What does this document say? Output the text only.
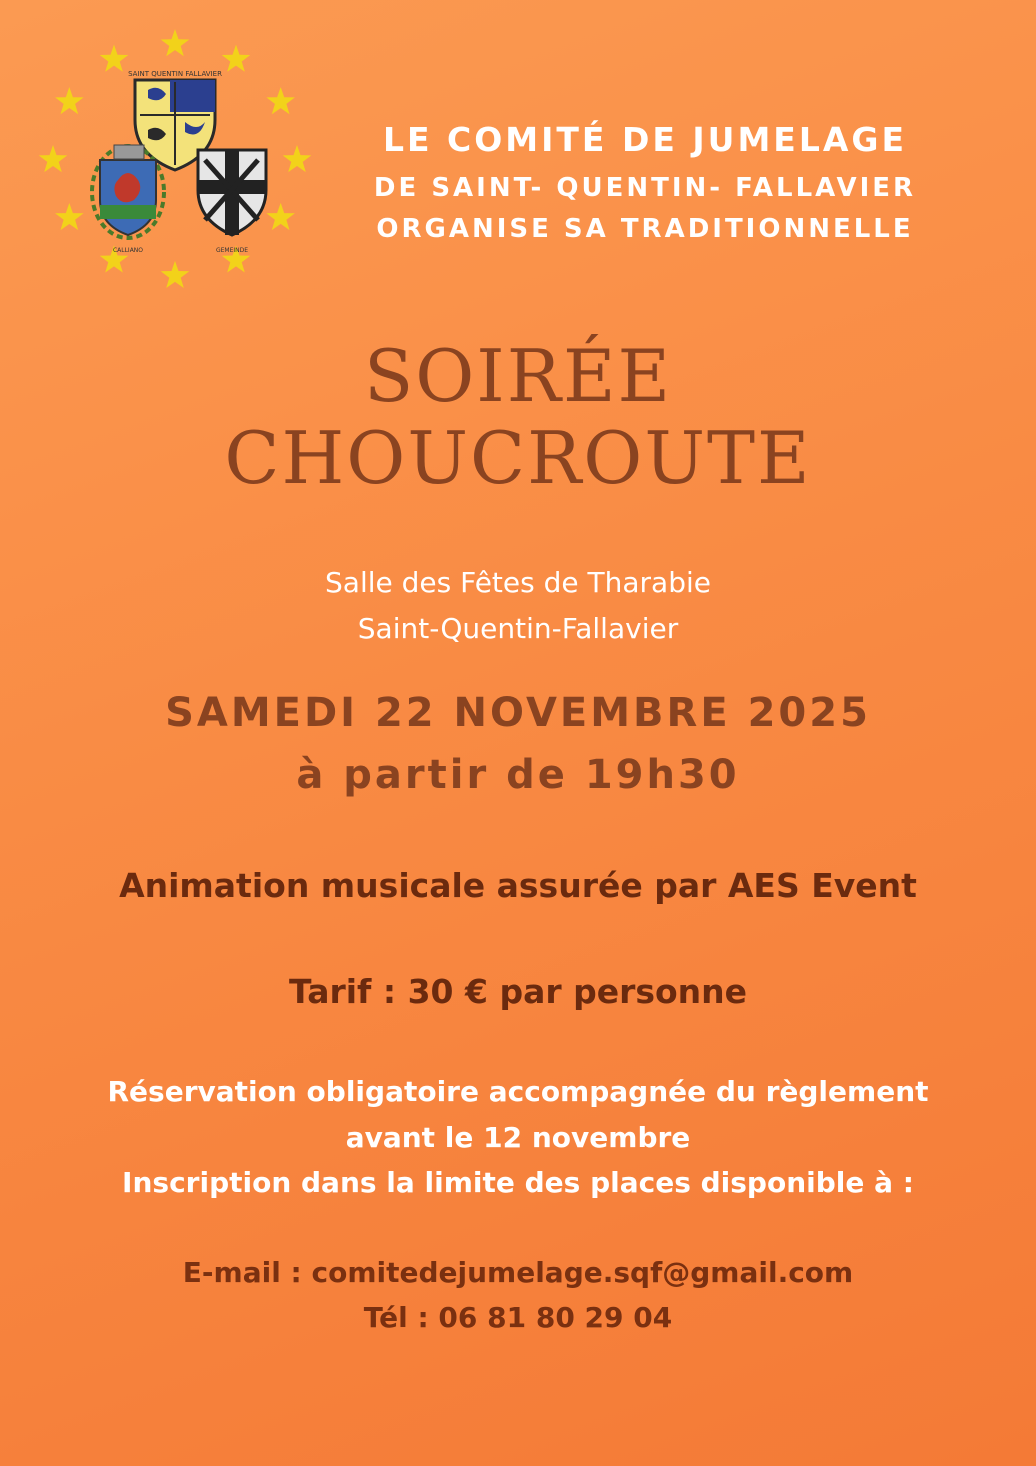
SAINT QUENTIN FALLAVIER
CALLIANO	GEMEINDE
LE COMITÉ DE JUMELAGE
DE SAINT- QUENTIN- FALLAVIER
ORGANISE SA TRADITIONNELLE
SOIRÉE
CHOUCROUTE
Salle des Fêtes de Tharabie
Saint-Quentin-Fallavier
SAMEDI 22 NOVEMBRE 2025
à partir de 19h30
Animation musicale assurée par AES Event
Tarif : 30 € par personne
Réservation obligatoire accompagnée du règlement
avant le 12 novembre
Inscription dans la limite des places disponible à :
E-mail : comitedejumelage.sqf@gmail.com
Tél : 06 81 80 29 04
